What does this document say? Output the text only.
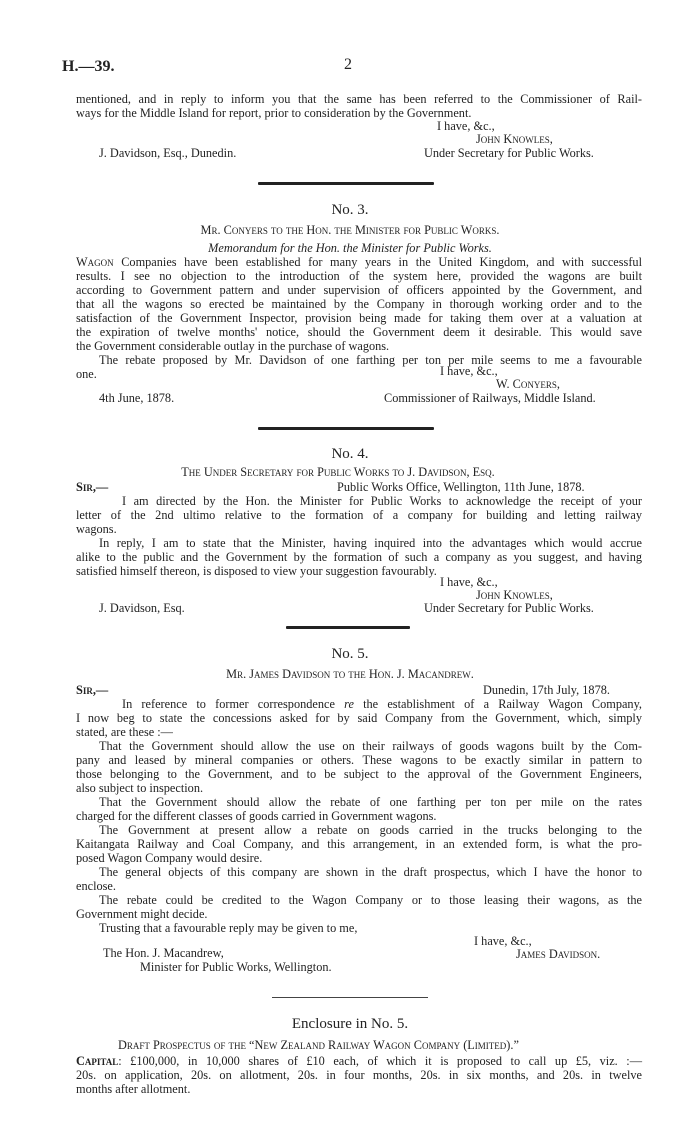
H.—39.	2
mentioned, and in reply to inform you that the same has been referred to the Commissioner of Rail-
ways for the Middle Island for report, prior to consideration by the Government.
I have, &c.,
John Knowles,
J. Davidson, Esq., Dunedin.	Under Secretary for Public Works.
No. 3.
Mr. Conyers to the Hon. the Minister for Public Works.
Memorandum for the Hon. the Minister for Public Works.
Wagon Companies have been established for many years in the United Kingdom, and with successful
results. I see no objection to the introduction of the system here, provided the wagons are built
according to Government pattern and under supervision of officers appointed by the Government, and
that all the wagons so erected be maintained by the Company in thorough working order and to the
satisfaction of the Government Inspector, provision being made for taking them over at a valuation at
the expiration of twelve months' notice, should the Government deem it desirable. This would save
the Government considerable outlay in the purchase of wagons.
The rebate proposed by Mr. Davidson of one farthing per ton per mile seems to me a favourable
one.	I have, &c.,
W. Conyers,
4th June, 1878.	Commissioner of Railways, Middle Island.
No. 4.
The Under Secretary for Public Works to J. Davidson, Esq.
Sir,—	Public Works Office, Wellington, 11th June, 1878.
I am directed by the Hon. the Minister for Public Works to acknowledge the receipt of your
letter of the 2nd ultimo relative to the formation of a company for building and letting railway
wagons.
In reply, I am to state that the Minister, having inquired into the advantages which would accrue
alike to the public and the Government by the formation of such a company as you suggest, and having
satisfied himself thereon, is disposed to view your suggestion favourably.
I have, &c.,
John Knowles,
J. Davidson, Esq.	Under Secretary for Public Works.
No. 5.
Mr. James Davidson to the Hon. J. Macandrew.
Sir,—	Dunedin, 17th July, 1878.
In reference to former correspondence re the establishment of a Railway Wagon Company,
I now beg to state the concessions asked for by said Company from the Government, which, simply
stated, are these :—
That the Government should allow the use on their railways of goods wagons built by the Com-
pany and leased by mineral companies or others. These wagons to be exactly similar in pattern to
those belonging to the Government, and to be subject to the approval of the Government Engineers,
also subject to inspection.
That the Government should allow the rebate of one farthing per ton per mile on the rates
charged for the different classes of goods carried in Government wagons.
The Government at present allow a rebate on goods carried in the trucks belonging to the
Kaitangata Railway and Coal Company, and this arrangement, in an extended form, is what the pro-
posed Wagon Company would desire.
The general objects of this company are shown in the draft prospectus, which I have the honor to
enclose.
The rebate could be credited to the Wagon Company or to those leasing their wagons, as the
Government might decide.
Trusting that a favourable reply may be given to me,
I have, &c.,
James Davidson.
The Hon. J. Macandrew,
Minister for Public Works, Wellington.
Enclosure in No. 5.
Draft Prospectus of the “New Zealand Railway Wagon Company (Limited).”
Capital: £100,000, in 10,000 shares of £10 each, of which it is proposed to call up £5, viz. :—
20s. on application, 20s. on allotment, 20s. in four months, 20s. in six months, and 20s. in twelve
months after allotment.
